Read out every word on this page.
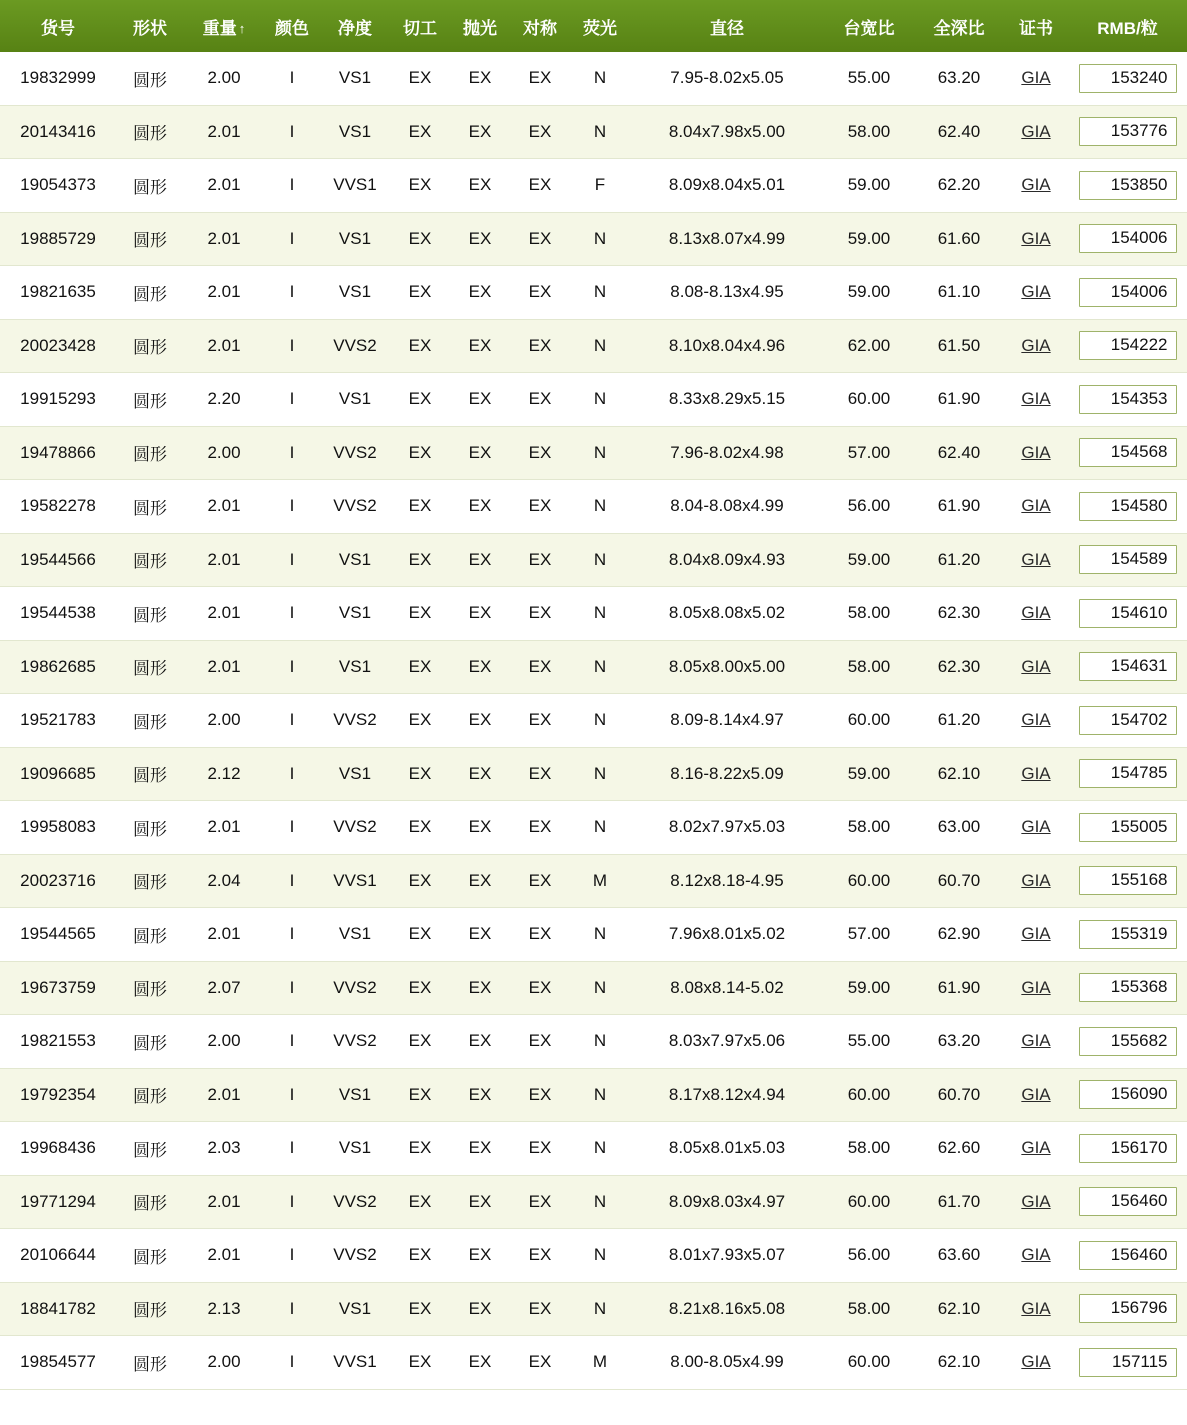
货号	形状	重量 ↑	颜色	净度	切工	抛光	对称	荧光	直径	台宽比	全深比	证书	RMB/粒
19832999	圆形	2.00	I	VS1	EX	EX	EX	N	7.95-8.02x5.05	55.00	63.20	GIA	153240
20143416	圆形	2.01	I	VS1	EX	EX	EX	N	8.04x7.98x5.00	58.00	62.40	GIA	153776
19054373	圆形	2.01	I	VVS1	EX	EX	EX	F	8.09x8.04x5.01	59.00	62.20	GIA	153850
19885729	圆形	2.01	I	VS1	EX	EX	EX	N	8.13x8.07x4.99	59.00	61.60	GIA	154006
19821635	圆形	2.01	I	VS1	EX	EX	EX	N	8.08-8.13x4.95	59.00	61.10	GIA	154006
20023428	圆形	2.01	I	VVS2	EX	EX	EX	N	8.10x8.04x4.96	62.00	61.50	GIA	154222
19915293	圆形	2.20	I	VS1	EX	EX	EX	N	8.33x8.29x5.15	60.00	61.90	GIA	154353
19478866	圆形	2.00	I	VVS2	EX	EX	EX	N	7.96-8.02x4.98	57.00	62.40	GIA	154568
19582278	圆形	2.01	I	VVS2	EX	EX	EX	N	8.04-8.08x4.99	56.00	61.90	GIA	154580
19544566	圆形	2.01	I	VS1	EX	EX	EX	N	8.04x8.09x4.93	59.00	61.20	GIA	154589
19544538	圆形	2.01	I	VS1	EX	EX	EX	N	8.05x8.08x5.02	58.00	62.30	GIA	154610
19862685	圆形	2.01	I	VS1	EX	EX	EX	N	8.05x8.00x5.00	58.00	62.30	GIA	154631
19521783	圆形	2.00	I	VVS2	EX	EX	EX	N	8.09-8.14x4.97	60.00	61.20	GIA	154702
19096685	圆形	2.12	I	VS1	EX	EX	EX	N	8.16-8.22x5.09	59.00	62.10	GIA	154785
19958083	圆形	2.01	I	VVS2	EX	EX	EX	N	8.02x7.97x5.03	58.00	63.00	GIA	155005
20023716	圆形	2.04	I	VVS1	EX	EX	EX	M	8.12x8.18-4.95	60.00	60.70	GIA	155168
19544565	圆形	2.01	I	VS1	EX	EX	EX	N	7.96x8.01x5.02	57.00	62.90	GIA	155319
19673759	圆形	2.07	I	VVS2	EX	EX	EX	N	8.08x8.14-5.02	59.00	61.90	GIA	155368
19821553	圆形	2.00	I	VVS2	EX	EX	EX	N	8.03x7.97x5.06	55.00	63.20	GIA	155682
19792354	圆形	2.01	I	VS1	EX	EX	EX	N	8.17x8.12x4.94	60.00	60.70	GIA	156090
19968436	圆形	2.03	I	VS1	EX	EX	EX	N	8.05x8.01x5.03	58.00	62.60	GIA	156170
19771294	圆形	2.01	I	VVS2	EX	EX	EX	N	8.09x8.03x4.97	60.00	61.70	GIA	156460
20106644	圆形	2.01	I	VVS2	EX	EX	EX	N	8.01x7.93x5.07	56.00	63.60	GIA	156460
18841782	圆形	2.13	I	VS1	EX	EX	EX	N	8.21x8.16x5.08	58.00	62.10	GIA	156796
19854577	圆形	2.00	I	VVS1	EX	EX	EX	M	8.00-8.05x4.99	60.00	62.10	GIA	157115
